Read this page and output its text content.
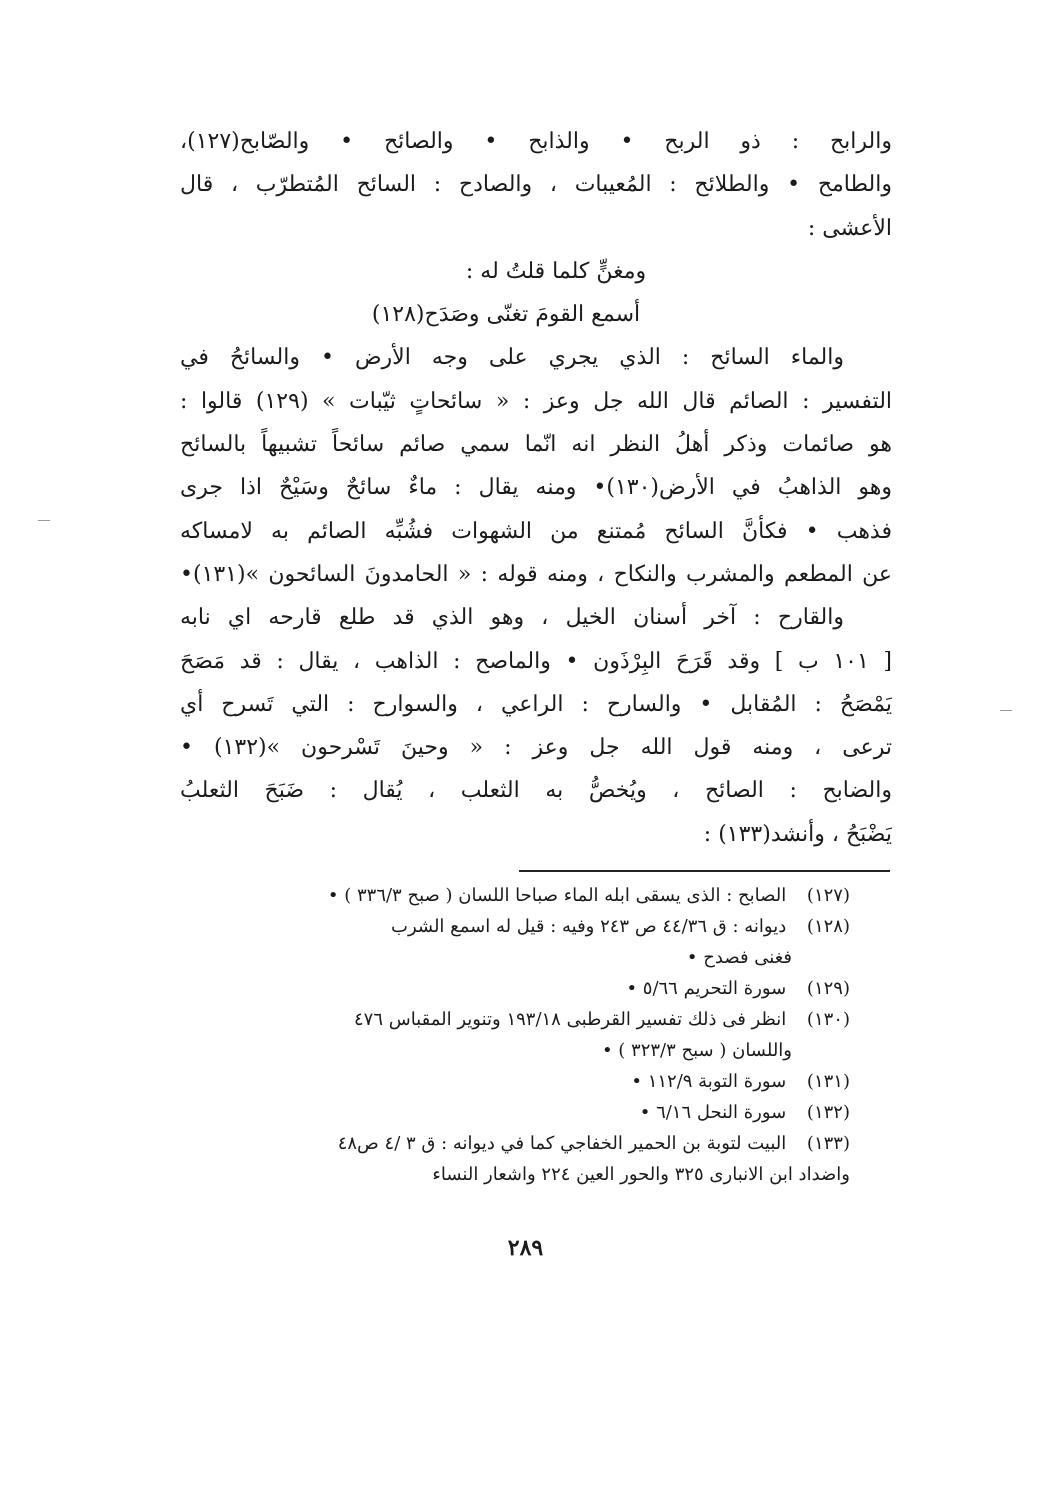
والرابح : ذو الربح • والذابح • والصائح • والصّابح(١٢٧)،
والطامح • والطلائح : المُعيبات ، والصادح : السائح المُتطرّب ، قال
الأعشى :
ومغنٍّ كلما قلتُ له :
أسمع القومَ تغنّى وصَدَح(١٢٨)
والماء السائح : الذي يجري على وجه الأرض • والسائحُ في
التفسير : الصائم قال الله جل وعز : « سائحاتٍ ثيّبات » (١٢٩) قالوا :
هو صائمات وذكر أهلُ النظر انه انّما سمي صائم سائحاً تشبيهاً بالسائح
وهو الذاهبُ في الأرض(١٣٠)• ومنه يقال : ماءٌ سائحٌ وسَيْحٌ اذا جرى
فذهب • فكأنَّ السائح مُمتنع من الشهوات فشُبِّه الصائم به لامساكه
عن المطعم والمشرب والنكاح ، ومنه قوله : « الحامدونَ السائحون »(١٣١)•
والقارح : آخر أسنان الخيل ، وهو الذي قد طلع قارحه اي نابه
[ ١٠١ ب ] وقد قَرَحَ البِرْذَون • والماصح : الذاهب ، يقال : قد مَصَحَ
يَمْصَحُ : المُقابل • والسارح : الراعي ، والسوارح : التي تَسرح أي
ترعى ، ومنه قول الله جل وعز : « وحينَ تَسْرحون »(١٣٢) •
والضابح : الصائح ، ويُخصُّ به الثعلب ، يُقال : ضَبَحَ الثعلبُ
يَضْبَحُ ، وأنشد(١٣٣) :
(١٢٧) الصابح : الذى يسقى ابله الماء صباحا اللسان ( صبح ٣٣٦/٣ ) •
(١٢٨) ديوانه : ق ٤٤/٣٦ ص ٢٤٣ وفيه : قيل له اسمع الشرب
فغنى فصدح •
(١٢٩) سورة التحريم ٥/٦٦ •
(١٣٠) انظر فى ذلك تفسير القرطبى ١٩٣/١٨ وتنوير المقباس ٤٧٦
واللسان ( سبح ٣٢٣/٣ ) •
(١٣١) سورة التوبة ١١٢/٩ •
(١٣٢) سورة النحل ٦/١٦ •
(١٣٣) البيت لتوبة بن الحمير الخفاجي كما في ديوانه : ق ٣ /٤ ص٤٨
واضداد ابن الانبارى ٣٢٥ والحور العين ٢٢٤ واشعار النساء
٢٨٩
